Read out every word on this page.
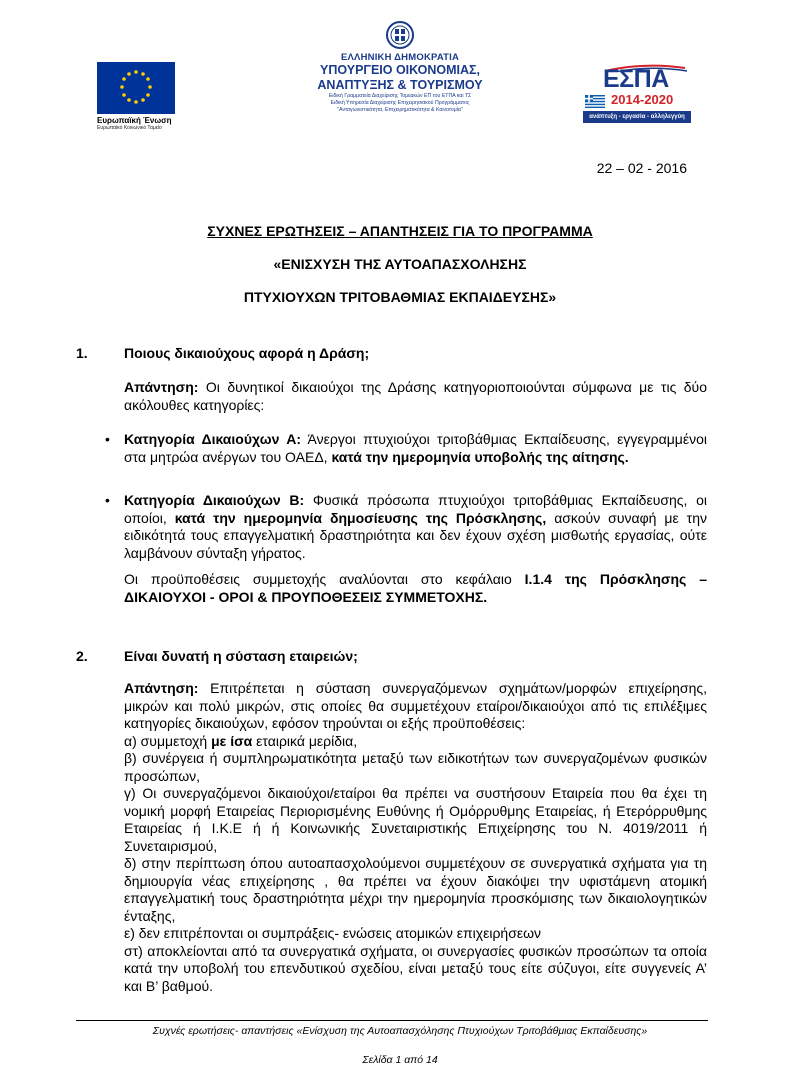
Ευρωπαϊκή Ένωση
Ευρωπαϊκό Κοινωνικό Ταμείο
ΕΛΛΗΝΙΚΗ ΔΗΜΟΚΡΑΤΙΑ
ΥΠΟΥΡΓΕΙΟ ΟΙΚΟΝΟΜΙΑΣ,
ΑΝΑΠΤΥΞΗΣ & ΤΟΥΡΙΣΜΟΥ
Ειδική Γραμματεία Διαχείρισης Τομεακών ΕΠ του ΕΤΠΑ και ΤΣ
Ειδική Υπηρεσία Διαχείρισης Επιχειρησιακού Προγράμματος
"Ανταγωνιστικότητα, Επιχειρηματικότητα & Καινοτομία"
ΕΣΠΑ
2014-2020
ανάπτυξη - εργασία - αλληλεγγύη
22 – 02 - 2016
ΣΥΧΝΕΣ ΕΡΩΤΗΣΕΙΣ – ΑΠΑΝΤΗΣΕΙΣ ΓΙΑ ΤΟ ΠΡΟΓΡΑΜΜΑ
«ΕΝΙΣΧΥΣΗ ΤΗΣ ΑΥΤΟΑΠΑΣΧΟΛΗΣΗΣ
ΠΤΥΧΙΟΥΧΩΝ ΤΡΙΤΟΒΑΘΜΙΑΣ ΕΚΠΑΙΔΕΥΣΗΣ»
1.	Ποιους δικαιούχους αφορά η Δράση;
Απάντηση: Οι δυνητικοί δικαιούχοι της Δράσης κατηγοριοποιούνται σύμφωνα με τις δύο ακόλουθες κατηγορίες:
• Κατηγορία Δικαιούχων Α: Άνεργοι πτυχιούχοι τριτοβάθμιας Εκπαίδευσης, εγγεγραμμένοι στα μητρώα ανέργων του ΟΑΕΔ, κατά την ημερομηνία υποβολής της αίτησης.
• Κατηγορία Δικαιούχων Β: Φυσικά πρόσωπα πτυχιούχοι τριτοβάθμιας Εκπαίδευσης, οι οποίοι, κατά την ημερομηνία δημοσίευσης της Πρόσκλησης, ασκούν συναφή με την ειδικότητά τους επαγγελματική δραστηριότητα και δεν έχουν σχέση μισθωτής εργασίας, ούτε λαμβάνουν σύνταξη γήρατος.
Οι προϋποθέσεις συμμετοχής αναλύονται στο κεφάλαιο Ι.1.4 της Πρόσκλησης – ΔΙΚΑΙΟΥΧΟΙ - ΟΡΟΙ & ΠΡΟΥΠΟΘΕΣΕΙΣ ΣΥΜΜΕΤΟΧΗΣ.
2.	Είναι δυνατή η σύσταση εταιρειών;
Απάντηση: Επιτρέπεται η σύσταση συνεργαζόμενων σχημάτων/μορφών επιχείρησης, μικρών και πολύ μικρών, στις οποίες θα συμμετέχουν εταίροι/δικαιούχοι από τις επιλέξιμες κατηγορίες δικαιούχων, εφόσον τηρούνται οι εξής προϋποθέσεις:
α) συμμετοχή με ίσα εταιρικά μερίδια,
β) συνέργεια ή συμπληρωματικότητα μεταξύ των ειδικοτήτων των συνεργαζομένων φυσικών προσώπων,
γ) Οι συνεργαζόμενοι δικαιούχοι/εταίροι θα πρέπει να συστήσουν Εταιρεία που θα έχει τη νομική μορφή Εταιρείας Περιορισμένης Ευθύνης ή Ομόρρυθμης Εταιρείας, ή Ετερόρρυθμης Εταιρείας ή Ι.Κ.Ε ή ή Κοινωνικής Συνεταιριστικής Επιχείρησης του Ν. 4019/2011 ή Συνεταιρισμού,
δ) στην περίπτωση όπου αυτοαπασχολούμενοι συμμετέχουν σε συνεργατικά σχήματα για τη δημιουργία νέας επιχείρησης , θα πρέπει να έχουν διακόψει την υφιστάμενη ατομική επαγγελματική τους δραστηριότητα μέχρι την ημερομηνία προσκόμισης των δικαιολογητικών ένταξης,
ε) δεν επιτρέπονται οι συμπράξεις- ενώσεις ατομικών επιχειρήσεων
στ) αποκλείονται από τα συνεργατικά σχήματα, οι συνεργασίες φυσικών προσώπων τα οποία κατά την υποβολή του επενδυτικού σχεδίου, είναι μεταξύ τους είτε σύζυγοι, είτε συγγενείς Α’ και Β’ βαθμού.
Συχνές ερωτήσεις- απαντήσεις «Ενίσχυση της Αυτοαπασχόλησης Πτυχιούχων Τριτοβάθμιας Εκπαίδευσης»
Σελίδα 1 από 14
